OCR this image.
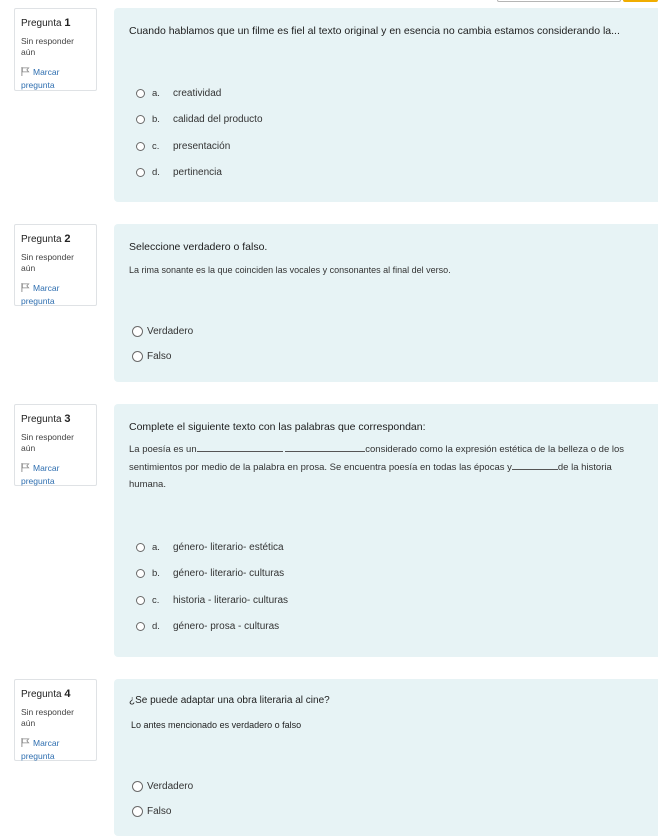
Pregunta 1
Sin responder aún
Marcar pregunta
Cuando hablamos que un filme es fiel al texto original y en esencia no cambia estamos considerando la...
a.	creatividad
b.	calidad del producto
c.	presentación
d.	pertinencia
Pregunta 2
Sin responder aún
Marcar pregunta
Seleccione verdadero o falso.
La rima sonante es la que coinciden las vocales y consonantes al final del verso.
Verdadero
Falso
Pregunta 3
Sin responder aún
Marcar pregunta
Complete el siguiente texto con las palabras que correspondan:
La poesía es un	considerado como la expresión estética de la belleza o de los sentimientos por medio de la palabra en prosa. Se encuentra poesía en todas las épocas y	de la historia humana.
a.	género- literario- estética
b.	género- literario- culturas
c.	historia - literario- culturas
d.	género- prosa - culturas
Pregunta 4
Sin responder aún
Marcar pregunta
¿Se puede adaptar una obra literaria al cine?
Lo antes mencionado es verdadero o falso
Verdadero
Falso
